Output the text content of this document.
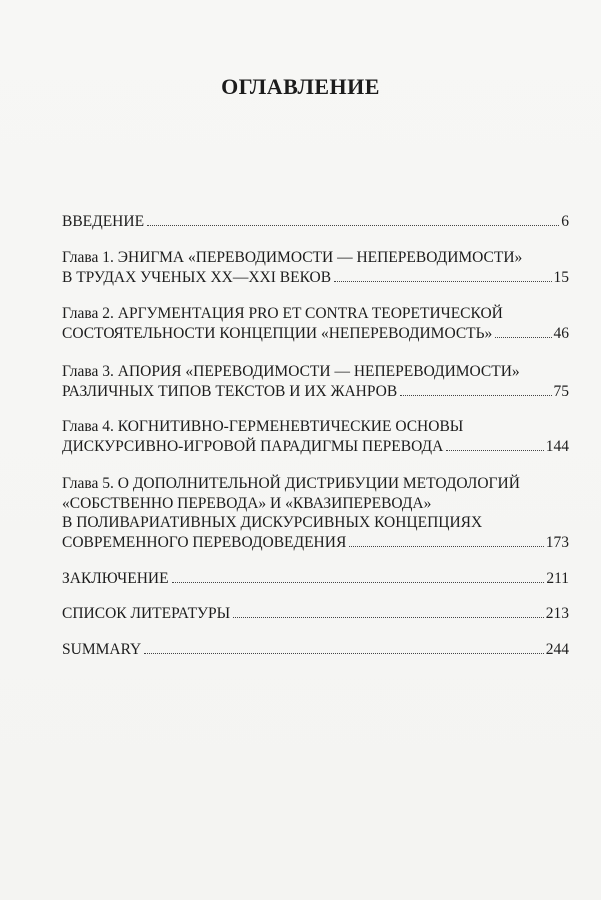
ОГЛАВЛЕНИЕ
ВВЕДЕНИЕ	6
Глава 1. ЭНИГМА «ПЕРЕВОДИМОСТИ — НЕПЕРЕВОДИМОСТИ»
В ТРУДАХ УЧЕНЫХ XX—XXI ВЕКОВ	15
Глава 2. АРГУМЕНТАЦИЯ PRO ET CONTRA ТЕОРЕТИЧЕСКОЙ
СОСТОЯТЕЛЬНОСТИ КОНЦЕПЦИИ «НЕПЕРЕВОДИМОСТЬ»	46
Глава 3. АПОРИЯ «ПЕРЕВОДИМОСТИ — НЕПЕРЕВОДИМОСТИ»
РАЗЛИЧНЫХ ТИПОВ ТЕКСТОВ И ИХ ЖАНРОВ	75
Глава 4. КОГНИТИВНО-ГЕРМЕНЕВТИЧЕСКИЕ ОСНОВЫ
ДИСКУРСИВНО-ИГРОВОЙ ПАРАДИГМЫ ПЕРЕВОДА	144
Глава 5. О ДОПОЛНИТЕЛЬНОЙ ДИСТРИБУЦИИ МЕТОДОЛОГИЙ
«СОБСТВЕННО ПЕРЕВОДА» И «КВАЗИПЕРЕВОДА»
В ПОЛИВАРИАТИВНЫХ ДИСКУРСИВНЫХ КОНЦЕПЦИЯХ
СОВРЕМЕННОГО ПЕРЕВОДОВЕДЕНИЯ	173
ЗАКЛЮЧЕНИЕ	211
СПИСОК ЛИТЕРАТУРЫ	213
SUMMARY	244
